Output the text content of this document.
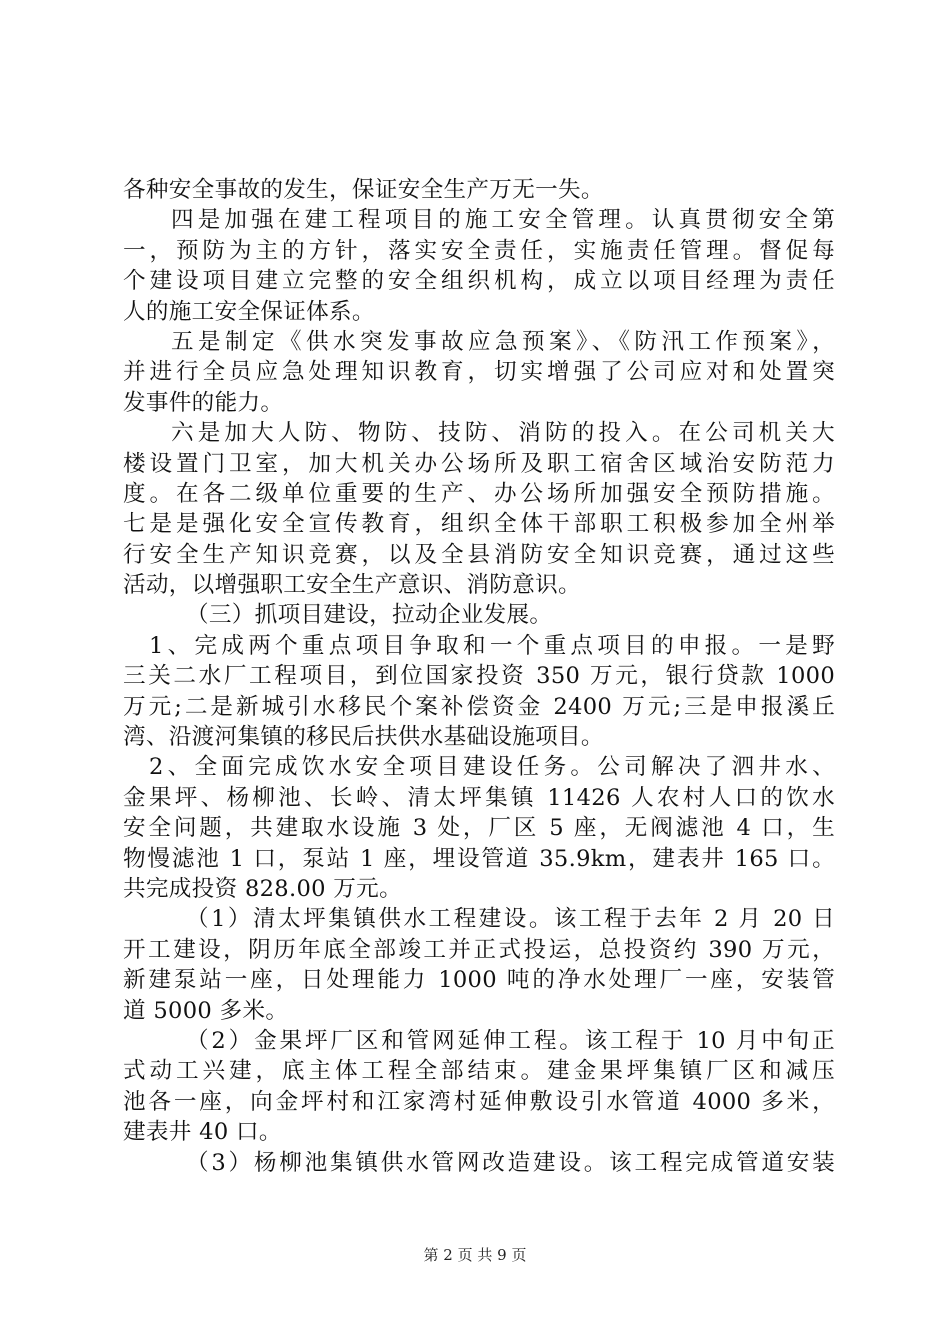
各种安全事故的发生，保证安全生产万无一失。
四是加强在建工程项目的施工安全管理。认真贯彻安全第
一，预防为主的方针，落实安全责任，实施责任管理。督促每
个建设项目建立完整的安全组织机构，成立以项目经理为责任
人的施工安全保证体系。
五是制定《供水突发事故应急预案》、《防汛工作预案》，
并进行全员应急处理知识教育，切实增强了公司应对和处置突
发事件的能力。
六是加大人防、物防、技防、消防的投入。在公司机关大
楼设置门卫室，加大机关办公场所及职工宿舍区域治安防范力
度。在各二级单位重要的生产、办公场所加强安全预防措施。
七是是强化安全宣传教育，组织全体干部职工积极参加全州举
行安全生产知识竞赛，以及全县消防安全知识竞赛，通过这些
活动，以增强职工安全生产意识、消防意识。
（三）抓项目建设，拉动企业发展。
1、完成两个重点项目争取和一个重点项目的申报。一是野
三关二水厂工程项目，到位国家投资 350 万元，银行贷款 1000
万元;二是新城引水移民个案补偿资金 2400 万元;三是申报溪丘
湾、沿渡河集镇的移民后扶供水基础设施项目。
2、全面完成饮水安全项目建设任务。公司解决了泗井水、
金果坪、杨柳池、长岭、清太坪集镇 11426 人农村人口的饮水
安全问题，共建取水设施 3 处，厂区 5 座，无阀滤池 4 口，生
物慢滤池 1 口，泵站 1 座，埋设管道 35.9km，建表井 165 口。
共完成投资 828.00 万元。
（1）清太坪集镇供水工程建设。该工程于去年 2 月 20 日
开工建设，阴历年底全部竣工并正式投运，总投资约 390 万元，
新建泵站一座，日处理能力 1000 吨的净水处理厂一座，安装管
道 5000 多米。
（2）金果坪厂区和管网延伸工程。该工程于 10 月中旬正
式动工兴建，底主体工程全部结束。建金果坪集镇厂区和减压
池各一座，向金坪村和江家湾村延伸敷设引水管道 4000 多米，
建表井 40 口。
（3）杨柳池集镇供水管网改造建设。该工程完成管道安装
第 2 页 共 9 页
